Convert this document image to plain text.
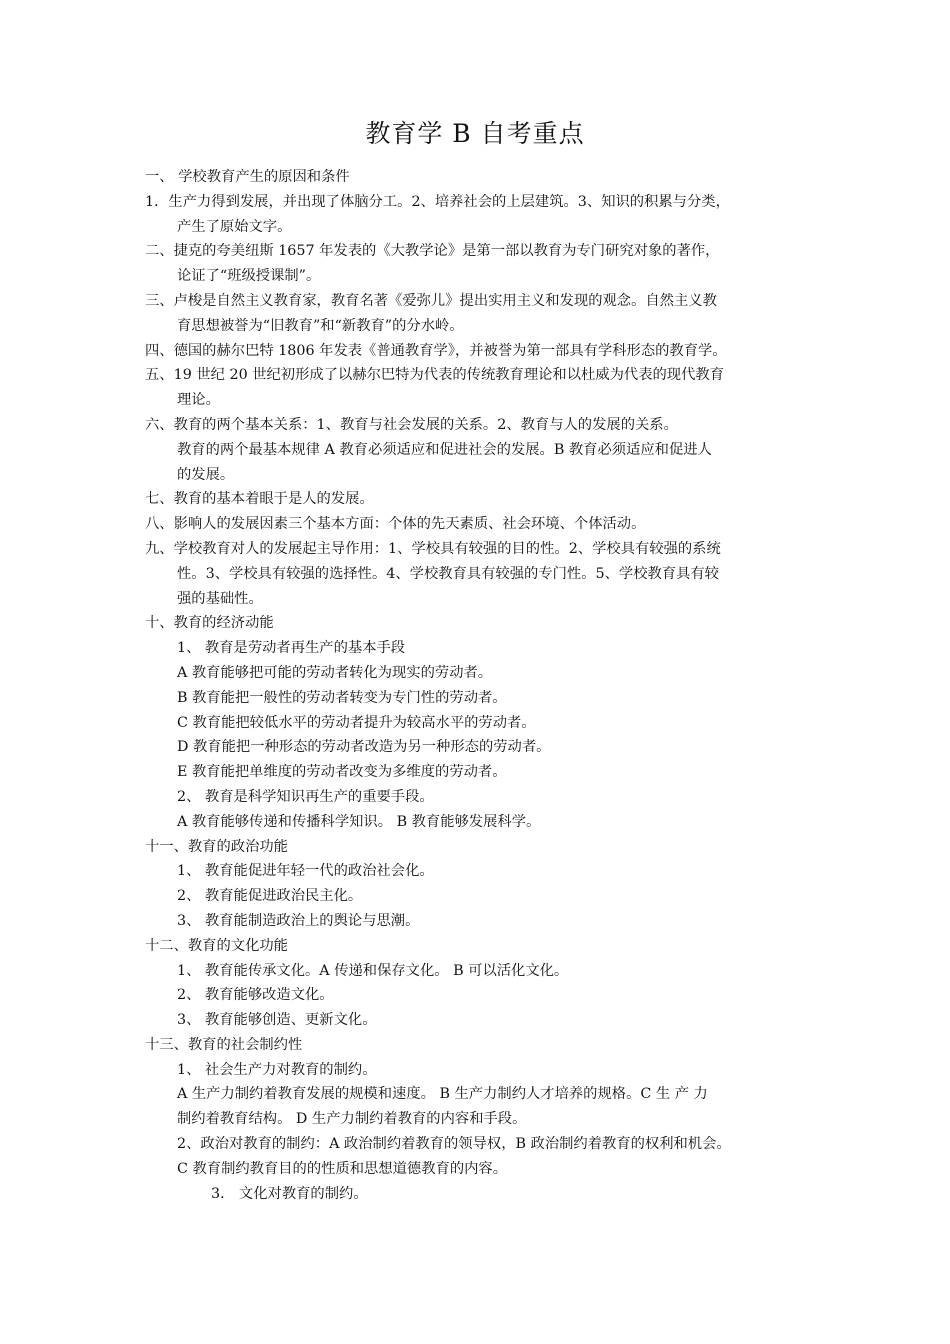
教育学 B 自考重点
一、 学校教育产生的原因和条件
1．生产力得到发展，并出现了体脑分工。2、培养社会的上层建筑。3、知识的积累与分类，
产生了原始文字。
二、捷克的夸美纽斯 1657 年发表的《大教学论》是第一部以教育为专门研究对象的著作，
论证了“班级授课制”。
三、卢梭是自然主义教育家，教育名著《爱弥儿》提出实用主义和发现的观念。自然主义教
育思想被誉为“旧教育”和“新教育”的分水岭。
四、德国的赫尔巴特 1806 年发表《普通教育学》，并被誉为第一部具有学科形态的教育学。
五、19 世纪 20 世纪初形成了以赫尔巴特为代表的传统教育理论和以杜威为代表的现代教育
理论。
六、教育的两个基本关系：1、教育与社会发展的关系。2、教育与人的发展的关系。
教育的两个最基本规律 A 教育必须适应和促进社会的发展。B 教育必须适应和促进人
的发展。
七、教育的基本着眼于是人的发展。
八、影响人的发展因素三个基本方面：个体的先天素质、社会环境、个体活动。
九、学校教育对人的发展起主导作用：1、学校具有较强的目的性。2、学校具有较强的系统
性。3、学校具有较强的选择性。4、学校教育具有较强的专门性。5、学校教育具有较
强的基础性。
十、教育的经济动能
1、 教育是劳动者再生产的基本手段
A 教育能够把可能的劳动者转化为现实的劳动者。
B 教育能把一般性的劳动者转变为专门性的劳动者。
C 教育能把较低水平的劳动者提升为较高水平的劳动者。
D 教育能把一种形态的劳动者改造为另一种形态的劳动者。
E 教育能把单维度的劳动者改变为多维度的劳动者。
2、 教育是科学知识再生产的重要手段。
A 教育能够传递和传播科学知识。 B 教育能够发展科学。
十一、教育的政治功能
1、 教育能促进年轻一代的政治社会化。
2、 教育能促进政治民主化。
3、 教育能制造政治上的舆论与思潮。
十二、教育的文化功能
1、 教育能传承文化。A 传递和保存文化。 B 可以活化文化。
2、 教育能够改造文化。
3、 教育能够创造、更新文化。
十三、教育的社会制约性
1、 社会生产力对教育的制约。
A 生产力制约着教育发展的规模和速度。 B 生产力制约人才培养的规格。C 生 产 力
制约着教育结构。 D 生产力制约着教育的内容和手段。
2、政治对教育的制约：A 政治制约着教育的领导权，B 政治制约着教育的权利和机会。
C 教育制约教育目的的性质和思想道德教育的内容。
3． 文化对教育的制约。
